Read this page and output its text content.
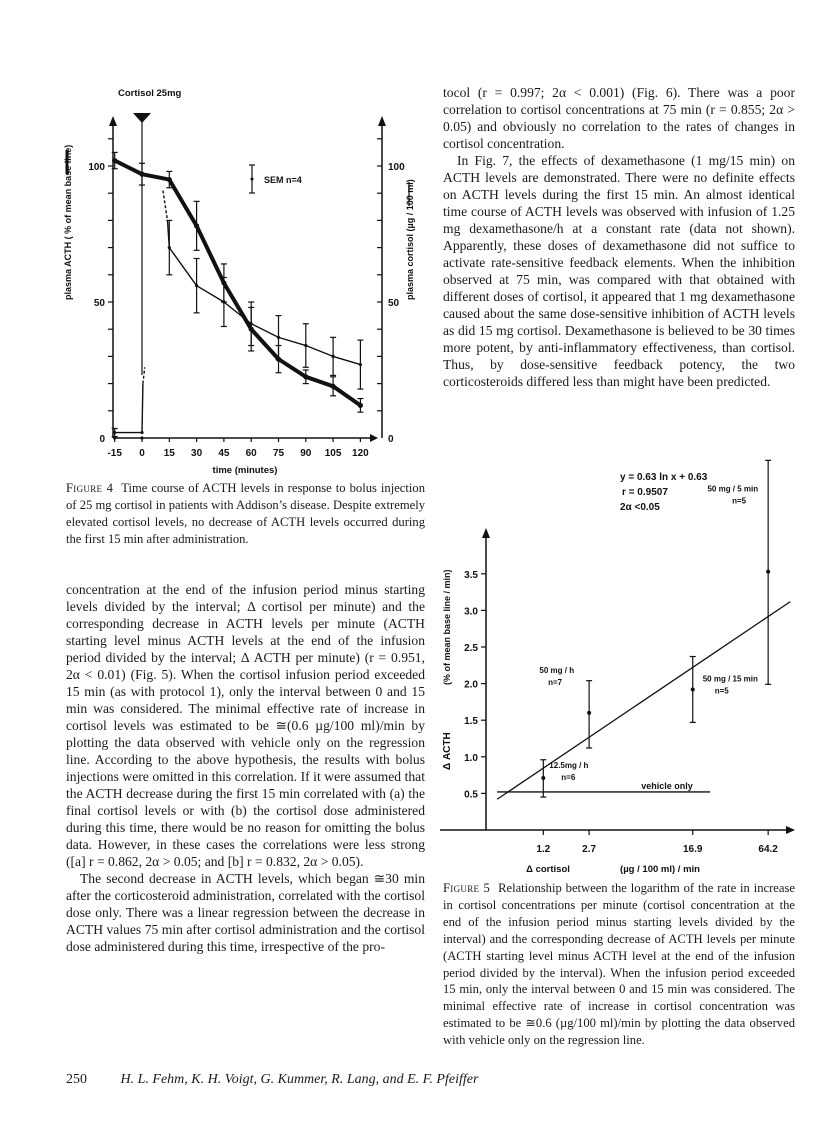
0	0
50	50
100	100
-15 0 15 30 45 60 75 90 105 120
time (minutes)
plasma ACTH ( % of mean base line)	plasma cortisol (µg / 100 ml)
Cortisol 25mg
SEM n=4
0.5
1.0
1.5
2.0
2.5
3.0
3.5
1.2	2.7	16.9	64.2
Δ cortisol	(µg / 100 ml) / min
Δ ACTH
(% of mean base line / min)
y = 0.63 ln x + 0.63
r = 0.9507
2α <0.05
vehicle only
12.5mg / h
n=6
50 mg / h
n=7	50 mg / 15 min
n=5
50 mg / 5 min
n=5
Figure 4 Time course of ACTH levels in response to bolus injection of 25 mg cortisol in patients with Addison’s disease. Despite extremely elevated cortisol levels, no decrease of ACTH levels occurred during the first 15 min after administration.

concentration at the end of the infusion period minus starting levels divided by the interval; Δ cortisol per minute) and the corresponding decrease in ACTH levels per minute (ACTH starting level minus ACTH levels at the end of the infusion period divided by the interval; Δ ACTH per minute) (r = 0.951, 2α < 0.01) (Fig. 5). When the cortisol infusion period exceeded 15 min (as with protocol 1), only the interval between 0 and 15 min was considered. The minimal effective rate of increase in cortisol levels was estimated to be ≅(0.6 µg/100 ml)/min by plotting the data observed with vehicle only on the regression line. According to the above hypothesis, the results with bolus injections were omitted in this correlation. If it were assumed that the ACTH decrease during the first 15 min correlated with (a) the final cortisol levels or with (b) the cortisol dose administered during this time, there would be no reason for omitting the bolus data. However, in these cases the correlations were less strong ([a] r = 0.862, 2α > 0.05; and [b] r = 0.832, 2α > 0.05).

The second decrease in ACTH levels, which began ≅30 min after the corticosteroid administration, correlated with the cortisol dose only. There was a linear regression between the decrease in ACTH values 75 min after cortisol administration and the cortisol dose administered during this time, irrespective of the pro-

tocol (r = 0.997; 2α < 0.001) (Fig. 6). There was a poor correlation to cortisol concentrations at 75 min (r = 0.855; 2α > 0.05) and obviously no correlation to the rates of changes in cortisol concentration.

In Fig. 7, the effects of dexamethasone (1 mg/15 min) on ACTH levels are demonstrated. There were no definite effects on ACTH levels during the first 15 min. An almost identical time course of ACTH levels was observed with infusion of 1.25 mg dexamethasone/h at a constant rate (data not shown). Apparently, these doses of dexamethasone did not suffice to activate rate-sensitive feedback elements. When the inhibition observed at 75 min, was compared with that obtained with different doses of cortisol, it appeared that 1 mg dexamethasone caused about the same dose-sensitive inhibition of ACTH levels as did 15 mg cortisol. Dexamethasone is believed to be 30 times more potent, by anti-inflammatory effectiveness, than cortisol. Thus, by dose-sensitive feedback potency, the two corticosteroids differed less than might have been predicted.

Figure 5 Relationship between the logarithm of the rate in increase in cortisol concentrations per minute (cortisol concentration at the end of the infusion period minus starting levels divided by the interval) and the corresponding decrease of ACTH levels per minute (ACTH starting level minus ACTH level at the end of the infusion period divided by the interval). When the infusion period exceeded 15 min, only the interval between 0 and 15 min was considered. The minimal effective rate of increase in cortisol concentration was estimated to be ≅0.6 (µg/100 ml)/min by plotting the data observed with vehicle only on the regression line.
250 H. L. Fehm, K. H. Voigt, G. Kummer, R. Lang, and E. F. Pfeiffer
